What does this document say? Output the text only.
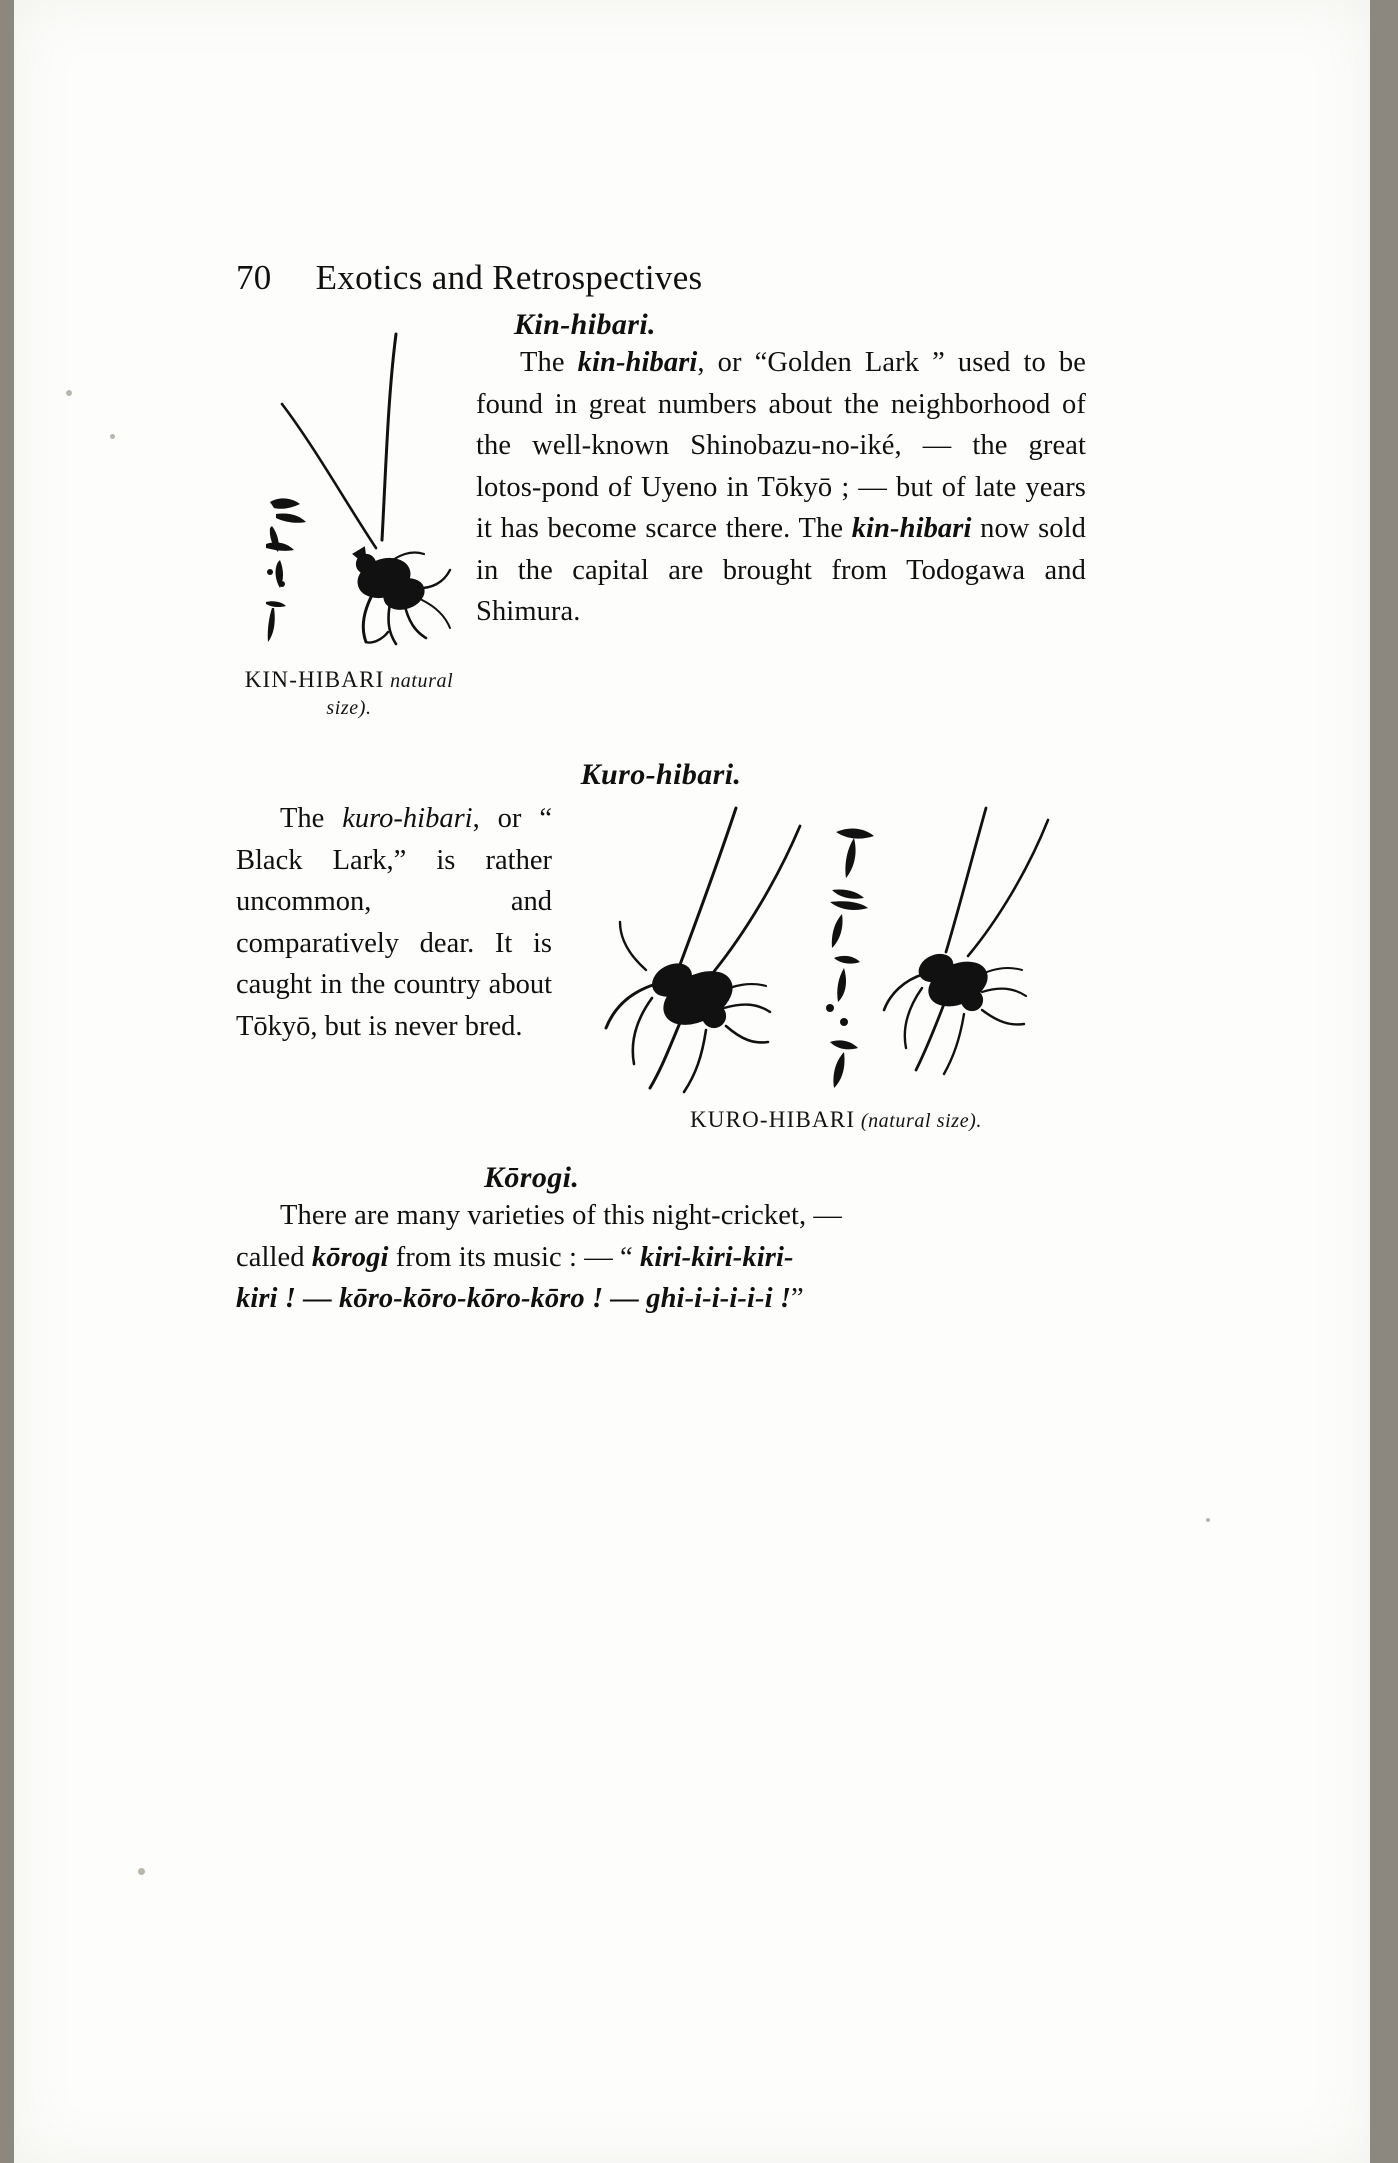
70 Exotics and Retrospectives
KIN-HIBARI natural
size).
Kin-hibari.

The kin-hibari, or “Golden Lark ” used to be found in great numbers about the neighborhood of the well-known Shinobazu-no-iké, — the great lotos-pond of Uyeno in Tōkyō ; — but of late years it has become scarce there. The kin-hibari now sold in the capital are brought from Todogawa and Shimura.

Kuro-hibari.
KURO-HIBARI (natural size).
The kuro-hibari, or “ Black Lark,” is rather uncommon, and comparatively dear. It is caught in the country about Tōkyō, but is never bred.
Kōrogi.

There are many varieties of this night-cricket, —
called kōrogi from its music : — “ kiri-kiri-kiri-
kiri ! — kōro-kōro-kōro-kōro ! — ghi-i-i-i-i-i !”
